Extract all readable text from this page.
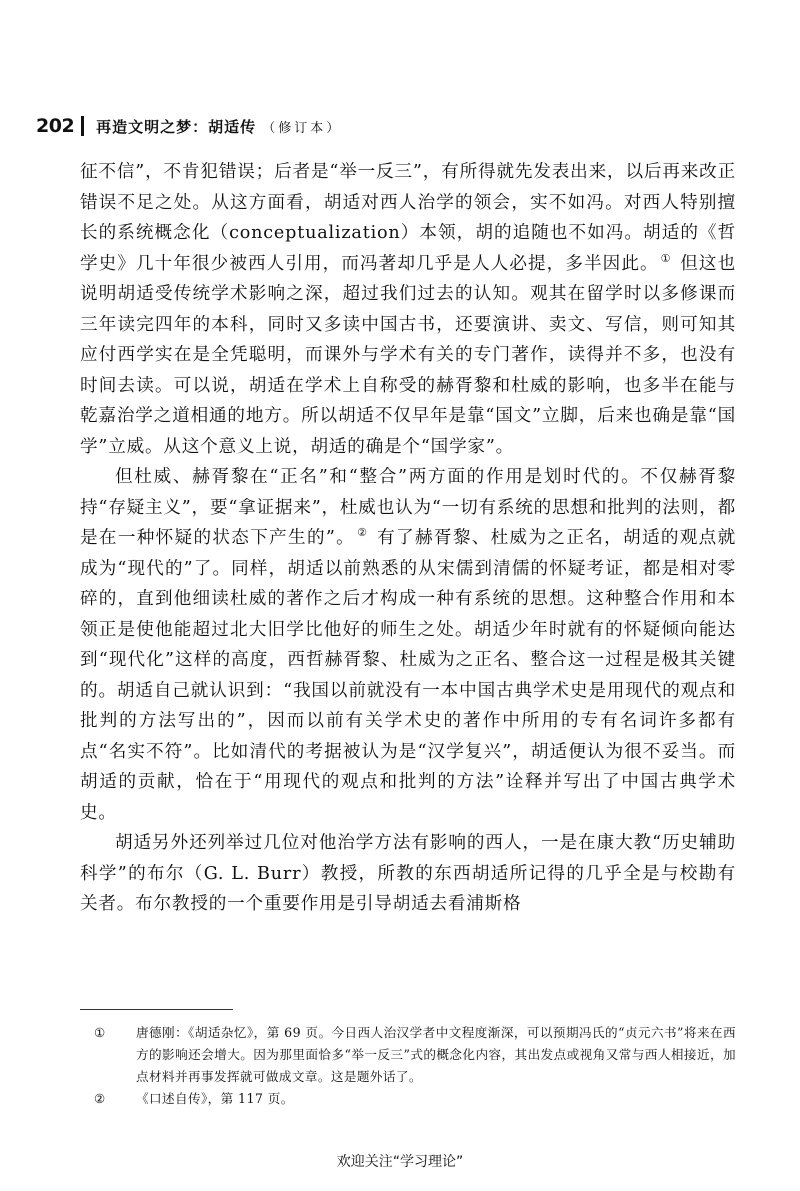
202 再造文明之梦：胡适传 （修订本）

征不信”，不肯犯错误；后者是“举一反三”，有所得就先发表出来，以后再来改正错误不足之处。从这方面看，胡适对西人治学的领会，实不如冯。对西人特别擅长的系统概念化（conceptualization）本领，胡的追随也不如冯。胡适的《哲学史》几十年很少被西人引用，而冯著却几乎是人人必提，多半因此。 ① 但这也说明胡适受传统学术影响之深，超过我们过去的认知。观其在留学时以多修课而三年读完四年的本科，同时又多读中国古书，还要演讲、卖文、写信，则可知其应付西学实在是全凭聪明，而课外与学术有关的专门著作，读得并不多，也没有时间去读。可以说，胡适在学术上自称受的赫胥黎和杜威的影响，也多半在能与乾嘉治学之道相通的地方。所以胡适不仅早年是靠“国文”立脚，后来也确是靠“国学”立威。从这个意义上说，胡适的确是个“国学家”。

但杜威、赫胥黎在“正名”和“整合”两方面的作用是划时代的。不仅赫胥黎持“存疑主义”，要“拿证据来”，杜威也认为“一切有系统的思想和批判的法则，都是在一种怀疑的状态下产生的”。 ② 有了赫胥黎、杜威为之正名，胡适的观点就成为“现代的”了。同样，胡适以前熟悉的从宋儒到清儒的怀疑考证，都是相对零碎的，直到他细读杜威的著作之后才构成一种有系统的思想。这种整合作用和本领正是使他能超过北大旧学比他好的师生之处。胡适少年时就有的怀疑倾向能达到“现代化”这样的高度，西哲赫胥黎、杜威为之正名、整合这一过程是极其关键的。胡适自己就认识到：“我国以前就没有一本中国古典学术史是用现代的观点和批判的方法写出的”，因而以前有关学术史的著作中所用的专有名词许多都有点“名实不符”。比如清代的考据被认为是“汉学复兴”，胡适便认为很不妥当。而胡适的贡献，恰在于“用现代的观点和批判的方法”诠释并写出了中国古典学术史。

胡适另外还列举过几位对他治学方法有影响的西人，一是在康大教“历史辅助科学”的布尔（G. L. Burr）教授，所教的东西胡适所记得的几乎全是与校勘有关者。布尔教授的一个重要作用是引导胡适去看浦斯格

① 唐德刚：《胡适杂忆》，第 69 页。今日西人治汉学者中文程度渐深，可以预期冯氏的“贞元六书”将来在西方的影响还会增大。因为那里面恰多“举一反三”式的概念化内容，其出发点或视角又常与西人相接近，加点材料并再事发挥就可做成文章。这是题外话了。

② 《口述自传》，第 117 页。

欢迎关注“学习理论”
